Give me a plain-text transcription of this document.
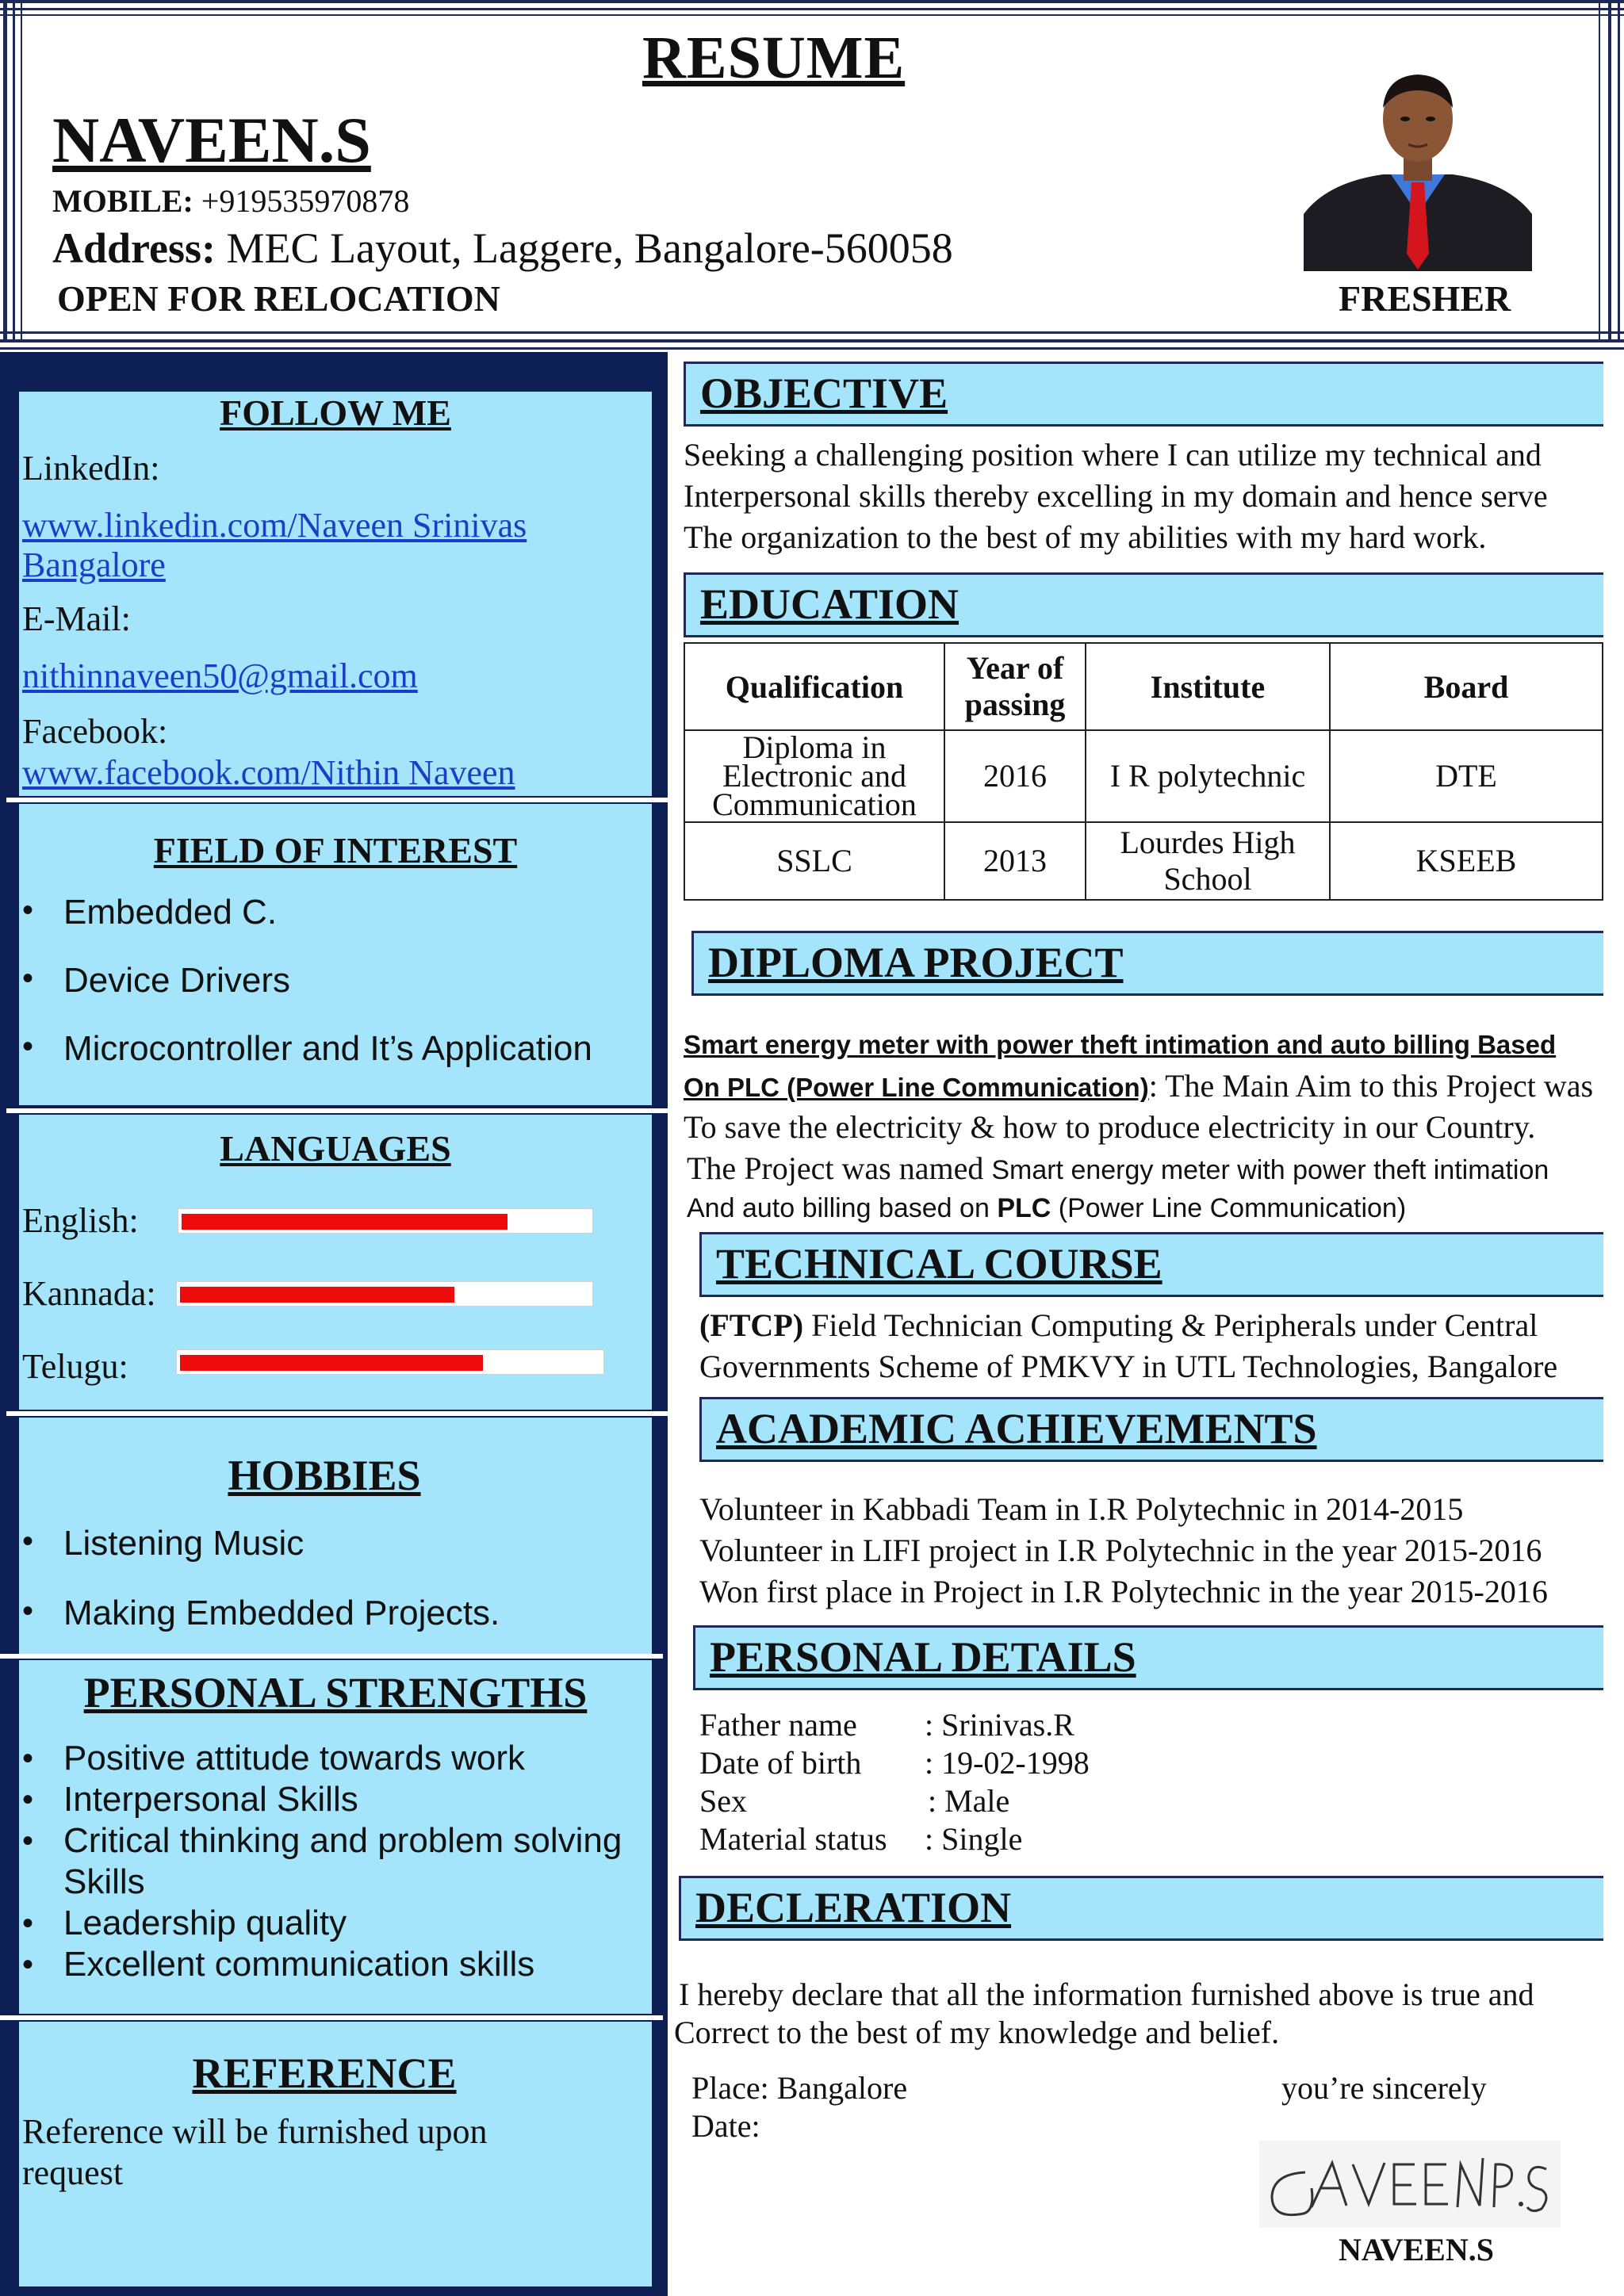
RESUME
NAVEEN.S
MOBILE: +919535970878
Address: MEC Layout, Laggere, Bangalore-560058
OPEN FOR RELOCATION	FRESHER
FOLLOW ME
LinkedIn:
www.linkedin.com/Naveen Srinivas
Bangalore
E-Mail:
nithinnaveen50@gmail.com
Facebook:
www.facebook.com/Nithin Naveen
FIELD OF INTEREST
• Embedded C.
• Device Drivers
• Microcontroller and It’s Application
LANGUAGES
English:
Kannada:
Telugu:
HOBBIES
• Listening Music
• Making Embedded Projects.
PERSONAL STRENGTHS
• Positive attitude towards work
• Interpersonal Skills
• Critical thinking and problem solving
Skills
• Leadership quality
• Excellent communication skills
REFERENCE
Reference will be furnished upon
request
OBJECTIVE
Seeking a challenging position where I can utilize my technical and
Interpersonal skills thereby excelling in my domain and hence serve
The organization to the best of my abilities with my hard work.
EDUCATION
Qualification	Year of passing	Institute	Board
Diploma in Electronic and Communication	2016	I R polytechnic	DTE
SSLC	2013	Lourdes High School	KSEEB
DIPLOMA PROJECT
Smart energy meter with power theft intimation and auto billing Based
On PLC (Power Line Communication): The Main Aim to this Project was
To save the electricity & how to produce electricity in our Country.
The Project was named Smart energy meter with power theft intimation
And auto billing based on PLC (Power Line Communication)
TECHNICAL COURSE
(FTCP) Field Technician Computing & Peripherals under Central
Governments Scheme of PMKVY in UTL Technologies, Bangalore
ACADEMIC ACHIEVEMENTS
Volunteer in Kabbadi Team in I.R Polytechnic in 2014-2015
Volunteer in LIFI project in I.R Polytechnic in the year 2015-2016
Won first place in Project in I.R Polytechnic in the year 2015-2016
PERSONAL DETAILS
Father name : Srinivas.R
Date of birth : 19-02-1998
Sex	: Male
Material status : Single
DECLERATION
I hereby declare that all the information furnished above is true and
Correct to the best of my knowledge and belief.
Place: Bangalore
Date:
you’re sincerely
NAVEEN.S
